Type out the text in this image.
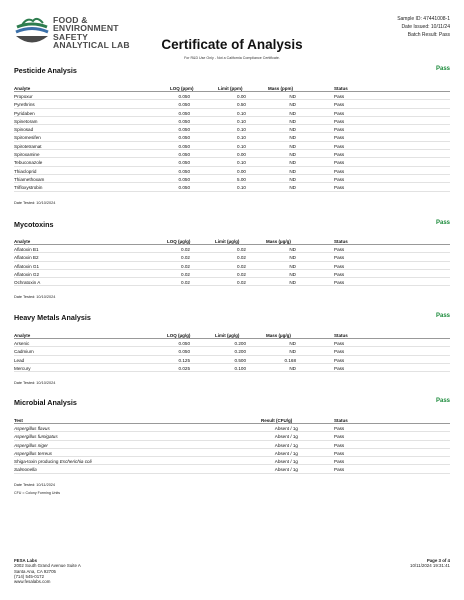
FOOD &
ENVIRONMENT
SAFETY
ANALYTICAL LAB
Sample ID: 47441008-1
Date Issued: 10/11/24
Batch Result: Pass
Certificate of Analysis
For R&D Use Only - Not a California Compliance Certificate.
Pesticide Analysis	Pass
Analyte	LOQ (ppm)	Limit (ppm)	Mass (ppm)	Status
Propoxur	0.050	0.00	ND	Pass
Pyrethrins	0.050	0.50	ND	Pass
Pyridaben	0.050	0.10	ND	Pass
Spinetoram	0.050	0.10	ND	Pass
Spinosad	0.050	0.10	ND	Pass
Spiromesifen	0.050	0.10	ND	Pass
Spirotetramat	0.050	0.10	ND	Pass
Spiroxamine	0.050	0.00	ND	Pass
Tebuconazole	0.050	0.10	ND	Pass
Thiacloprid	0.050	0.00	ND	Pass
Thiamethoxam	0.050	5.00	ND	Pass
Trifloxystrobin	0.050	0.10	ND	Pass
Date Tested: 10/10/2024
Mycotoxins	Pass
Analyte	LOQ (µg/g)	Limit (µg/g)	Mass (µg/g)	Status
Aflatoxin B1	0.02	0.02	ND	Pass
Aflatoxin B2	0.02	0.02	ND	Pass
Aflatoxin G1	0.02	0.02	ND	Pass
Aflatoxin G2	0.02	0.02	ND	Pass
Ochratoxin A	0.02	0.02	ND	Pass
Date Tested: 10/10/2024
Heavy Metals Analysis	Pass
Analyte	LOQ (µg/g)	Limit (µg/g)	Mass (µg/g)	Status
Arsenic	0.050	0.200	ND	Pass
Cadmium	0.050	0.200	ND	Pass
Lead	0.125	0.500	0.168	Pass
Mercury	0.025	0.100	ND	Pass
Date Tested: 10/10/2024
Microbial Analysis	Pass
Test	Result (CFU/g)	Status
Aspergillus flavus	Absent / 1g	Pass
Aspergillus fumigatus	Absent / 1g	Pass
Aspergillus niger	Absent / 1g	Pass
Aspergillus terreus	Absent / 1g	Pass
Shiga-toxin producing Escherichia coli	Absent / 1g	Pass
Salmonella	Absent / 1g	Pass
Date Tested: 10/11/2024
CFU = Colony Forming Units
FESA Labs
2002 South Grand Avenue Suite A
Santa Ana, CA 92705
(714) 545-0172
www.fesalabs.com
Page 3 of 4
10/11/2024 19:31:41
